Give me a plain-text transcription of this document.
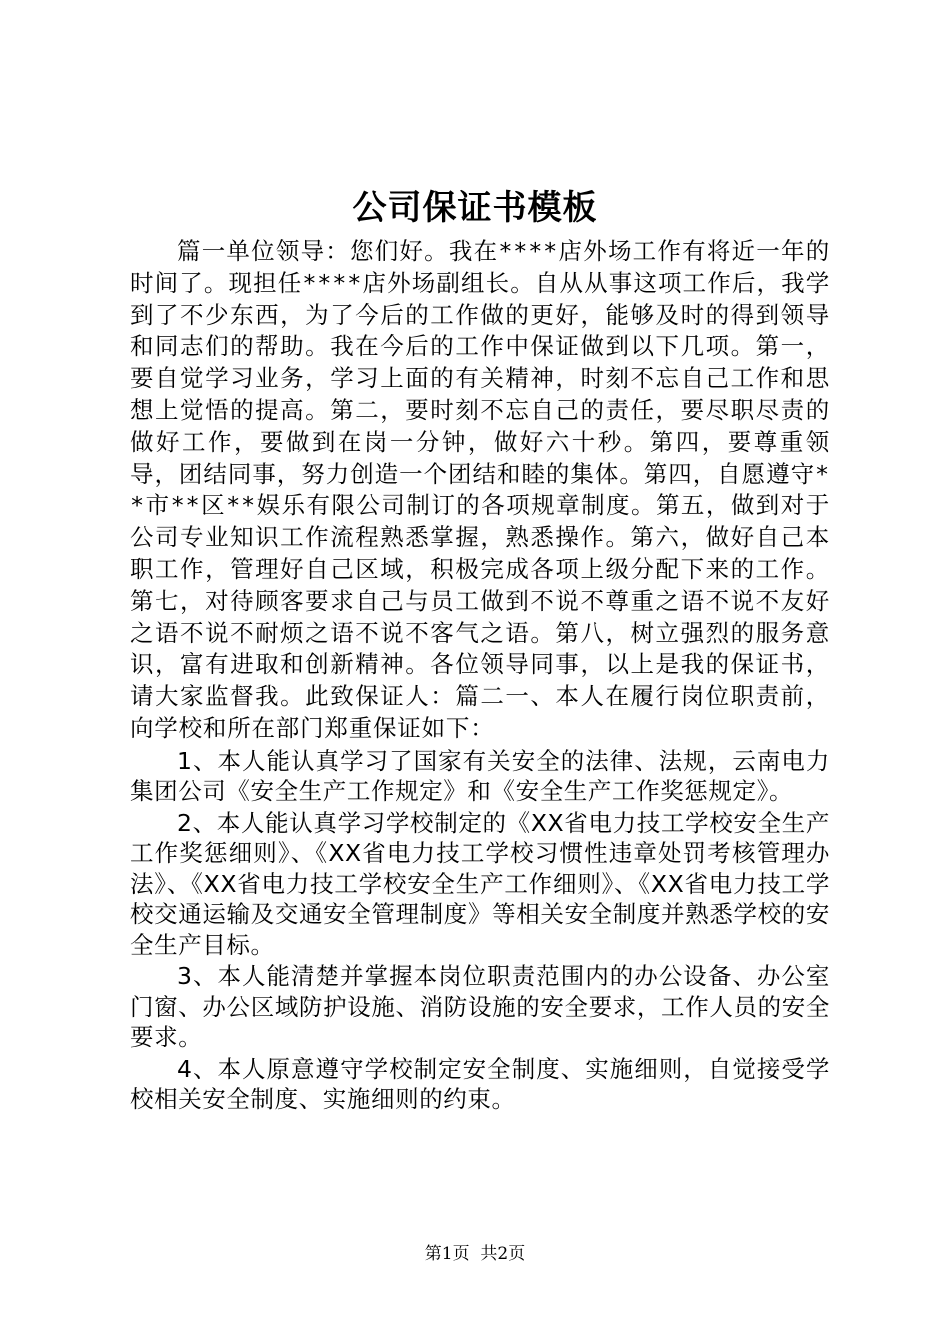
公司保证书模板

篇一单位领导：您们好。我在****店外场工作有将近一年的时间了。现担任****店外场副组长。自从从事这项工作后，我学到了不少东西，为了今后的工作做的更好，能够及时的得到领导和同志们的帮助。我在今后的工作中保证做到以下几项。第一，要自觉学习业务，学习上面的有关精神，时刻不忘自己工作和思想上觉悟的提高。第二，要时刻不忘自己的责任，要尽职尽责的做好工作，要做到在岗一分钟，做好六十秒。第四，要尊重领导，团结同事，努力创造一个团结和睦的集体。第四，自愿遵守**市**区**娱乐有限公司制订的各项规章制度。第五，做到对于公司专业知识工作流程熟悉掌握，熟悉操作。第六，做好自己本职工作，管理好自己区域，积极完成各项上级分配下来的工作。第七，对待顾客要求自己与员工做到不说不尊重之语不说不友好之语不说不耐烦之语不说不客气之语。第八，树立强烈的服务意识，富有进取和创新精神。各位领导同事，以上是我的保证书，请大家监督我。此致保证人：篇二一、本人在履行岗位职责前，向学校和所在部门郑重保证如下：

1、本人能认真学习了国家有关安全的法律、法规，云南电力集团公司《安全生产工作规定》和《安全生产工作奖惩规定》。

2、本人能认真学习学校制定的《XX省电力技工学校安全生产工作奖惩细则》、《XX省电力技工学校习惯性违章处罚考核管理办法》、《XX省电力技工学校安全生产工作细则》、《XX省电力技工学校交通运输及交通安全管理制度》等相关安全制度并熟悉学校的安全生产目标。

3、本人能清楚并掌握本岗位职责范围内的办公设备、办公室门窗、办公区域防护设施、消防设施的安全要求，工作人员的安全要求。

4、本人原意遵守学校制定安全制度、实施细则，自觉接受学校相关安全制度、实施细则的约束。

第1页  共2页
